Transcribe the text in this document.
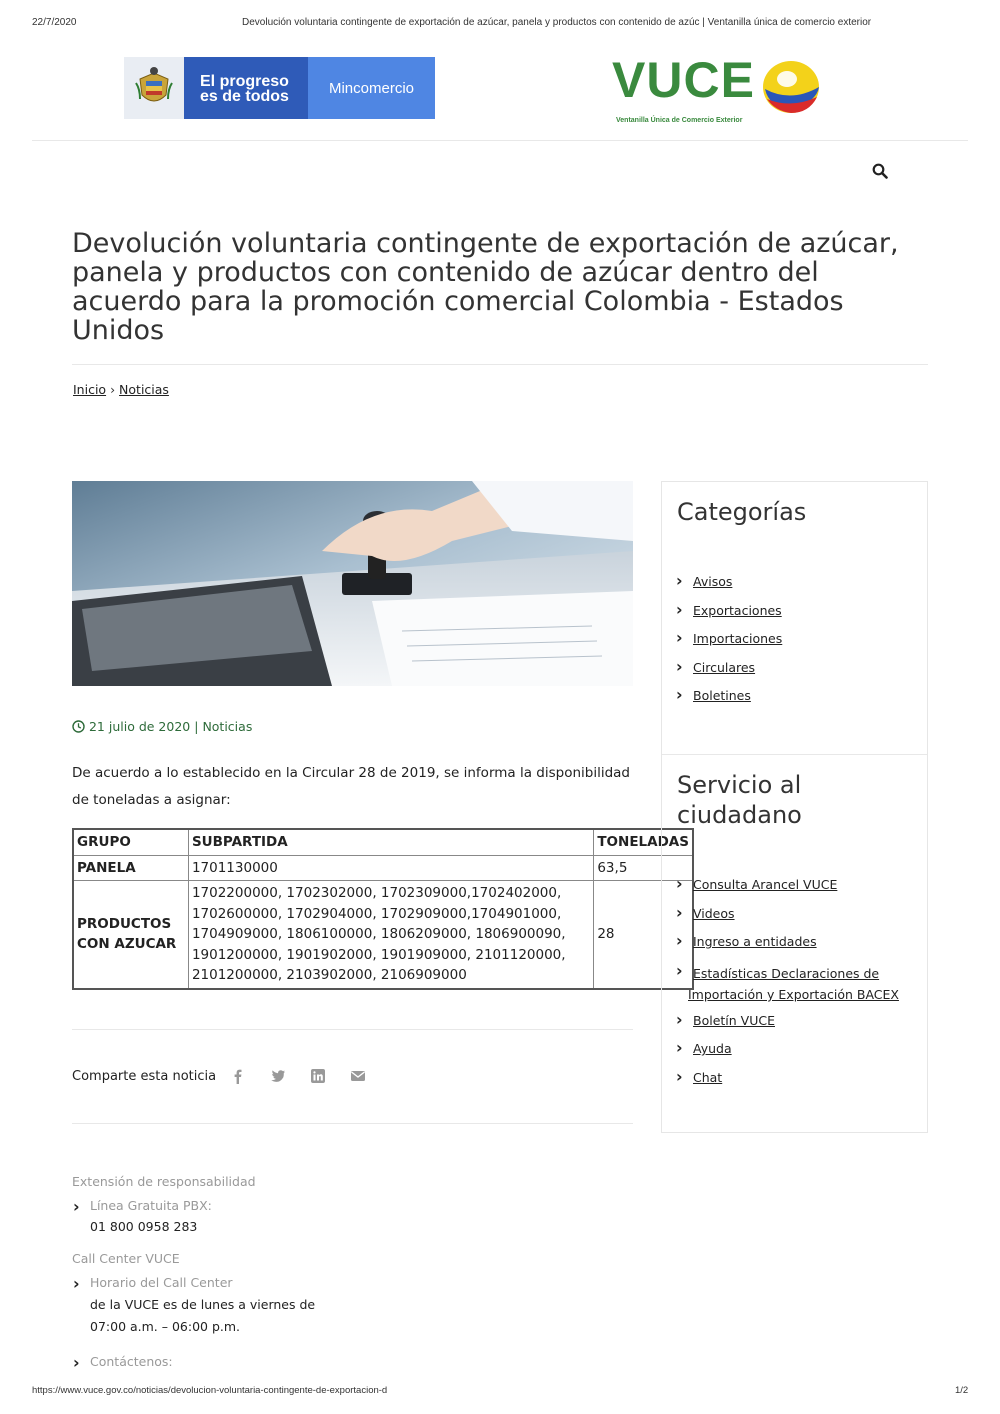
22/7/2020	Devolución voluntaria contingente de exportación de azúcar, panela y productos con contenido de azúc | Ventanilla única de comercio exterior
El progreso
es de todos	Mincomercio	VUCE
Ventanilla Única de Comercio Exterior
Devolución voluntaria contingente de exportación de azúcar, panela y productos con contenido de azúcar dentro del acuerdo para la promoción comercial Colombia - Estados Unidos
Inicio › Noticias
21 julio de 2020 | Noticias
De acuerdo a lo establecido en la Circular 28 de 2019, se informa la disponibilidad de toneladas a asignar:
GRUPO	SUBPARTIDA	TONELADAS
PANELA	1701130000	63,5
PRODUCTOS CON AZUCAR	1702200000, 1702302000, 1702309000,1702402000, 1702600000, 1702904000, 1702909000,1704901000, 1704909000, 1806100000, 1806209000, 1806900090, 1901200000, 1901902000, 1901909000, 2101120000, 2101200000, 2103902000, 2106909000	28
Comparte esta noticia
Categorías
› Avisos
› Exportaciones
› Importaciones
› Circulares
› Boletines
Servicio al ciudadano
› Consulta Arancel VUCE
› Videos
› Ingreso a entidades
› Estadísticas Declaraciones de Importación y Exportación BACEX
› Boletín VUCE
› Ayuda
› Chat
Extensión de responsabilidad
› Línea Gratuita PBX:
01 800 0958 283
Call Center VUCE
› Horario del Call Center
de la VUCE es de lunes a viernes de
07:00 a.m. – 06:00 p.m.
› Contáctenos:
https://www.vuce.gov.co/noticias/devolucion-voluntaria-contingente-de-exportacion-d	1/2
